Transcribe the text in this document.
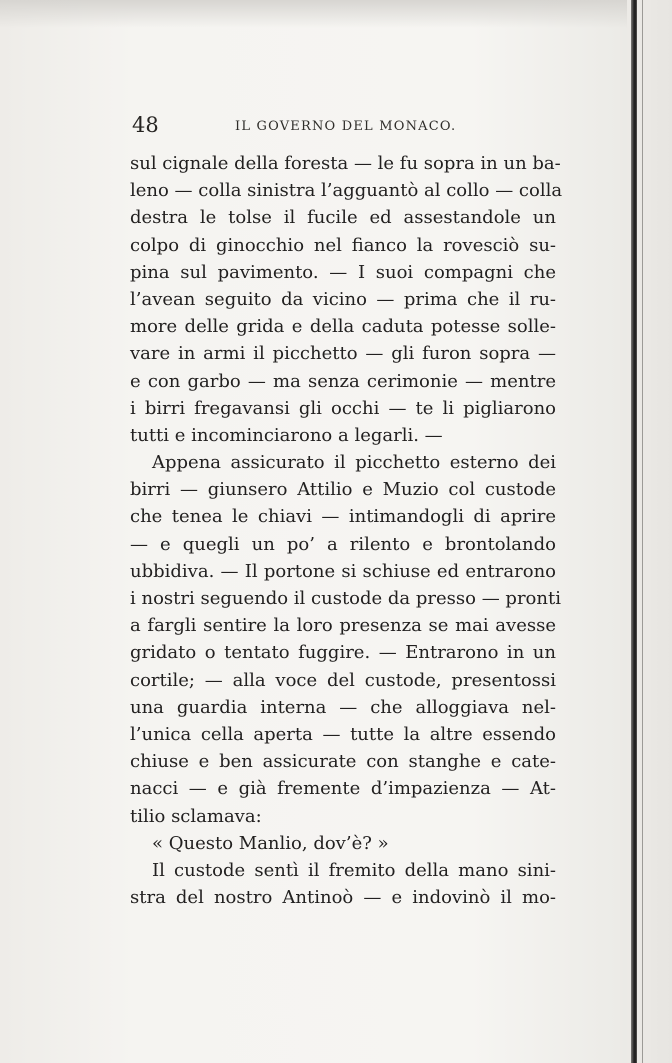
48	IL GOVERNO DEL MONACO.
sul cignale della foresta — le fu sopra in un ba-
leno — colla sinistra l’agguantò al collo — colla
destra le tolse il fucile ed assestandole un
colpo di ginocchio nel fianco la rovesciò su-
pina sul pavimento. — I suoi compagni che
l’avean seguito da vicino — prima che il ru-
more delle grida e della caduta potesse solle-
vare in armi il picchetto — gli furon sopra —
e con garbo — ma senza cerimonie — mentre
i birri fregavansi gli occhi — te li pigliarono
tutti e incominciarono a legarli. —
Appena assicurato il picchetto esterno dei
birri — giunsero Attilio e Muzio col custode
che tenea le chiavi — intimandogli di aprire
— e quegli un po’ a rilento e brontolando
ubbidiva. — Il portone si schiuse ed entrarono
i nostri seguendo il custode da presso — pronti
a fargli sentire la loro presenza se mai avesse
gridato o tentato fuggire. — Entrarono in un
cortile; — alla voce del custode, presentossi
una guardia interna — che alloggiava nel-
l’unica cella aperta — tutte la altre essendo
chiuse e ben assicurate con stanghe e cate-
nacci — e già fremente d’impazienza — At-
tilio sclamava:
« Questo Manlio, dov’è? »
Il custode sentì il fremito della mano sini-
stra del nostro Antinoò — e indovinò il mo-
